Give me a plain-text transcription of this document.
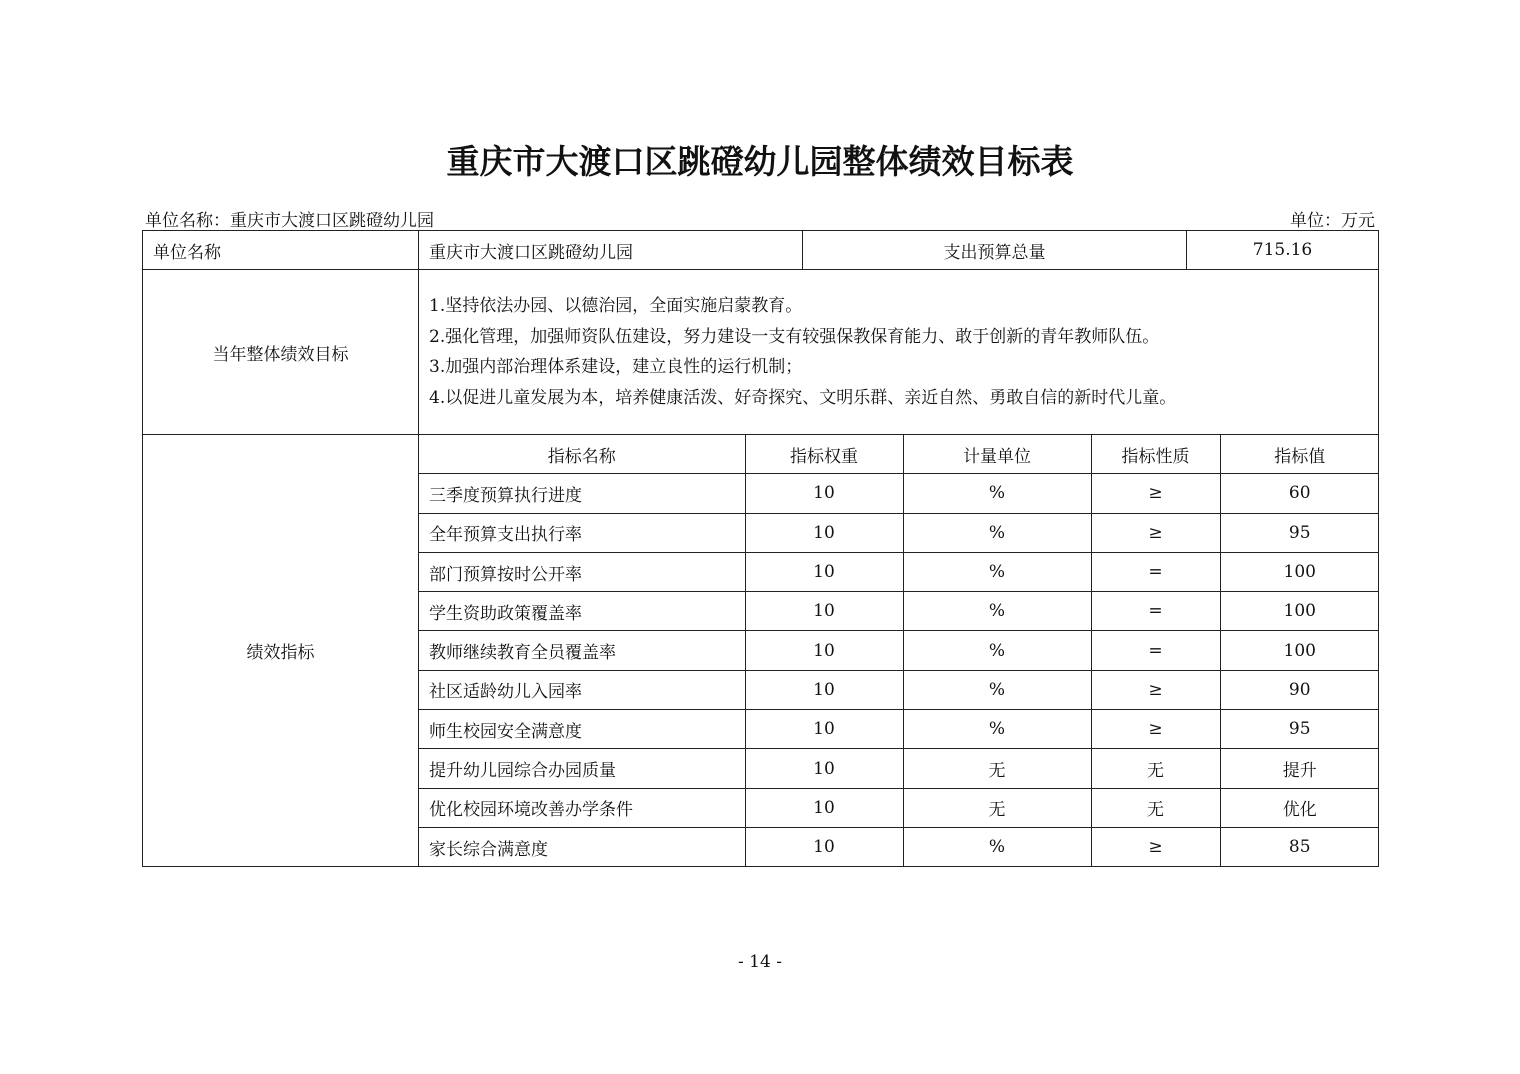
重庆市大渡口区跳磴幼儿园整体绩效目标表
单位名称：重庆市大渡口区跳磴幼儿园	单位：万元
单位名称	重庆市大渡口区跳磴幼儿园	支出预算总量	715.16
当年整体绩效目标	
1.坚持依法办园、以德治园，全面实施启蒙教育。
2.强化管理，加强师资队伍建设，努力建设一支有较强保教保育能力、敢于创新的青年教师队伍。
3.加强内部治理体系建设，建立良性的运行机制；
4.以促进儿童发展为本，培养健康活泼、好奇探究、文明乐群、亲近自然、勇敢自信的新时代儿童。

绩效指标	
指标名称	指标权重	计量单位	指标性质	指标值
三季度预算执行进度	10	%	≥	60
全年预算支出执行率	10	%	≥	95
部门预算按时公开率	10	%	=	100
学生资助政策覆盖率	10	%	=	100
教师继续教育全员覆盖率	10	%	=	100
社区适龄幼儿入园率	10	%	≥	90
师生校园安全满意度	10	%	≥	95
提升幼儿园综合办园质量	10	无	无	提升
优化校园环境改善办学条件	10	无	无	优化
家长综合满意度	10	%	≥	85
- 14 -
